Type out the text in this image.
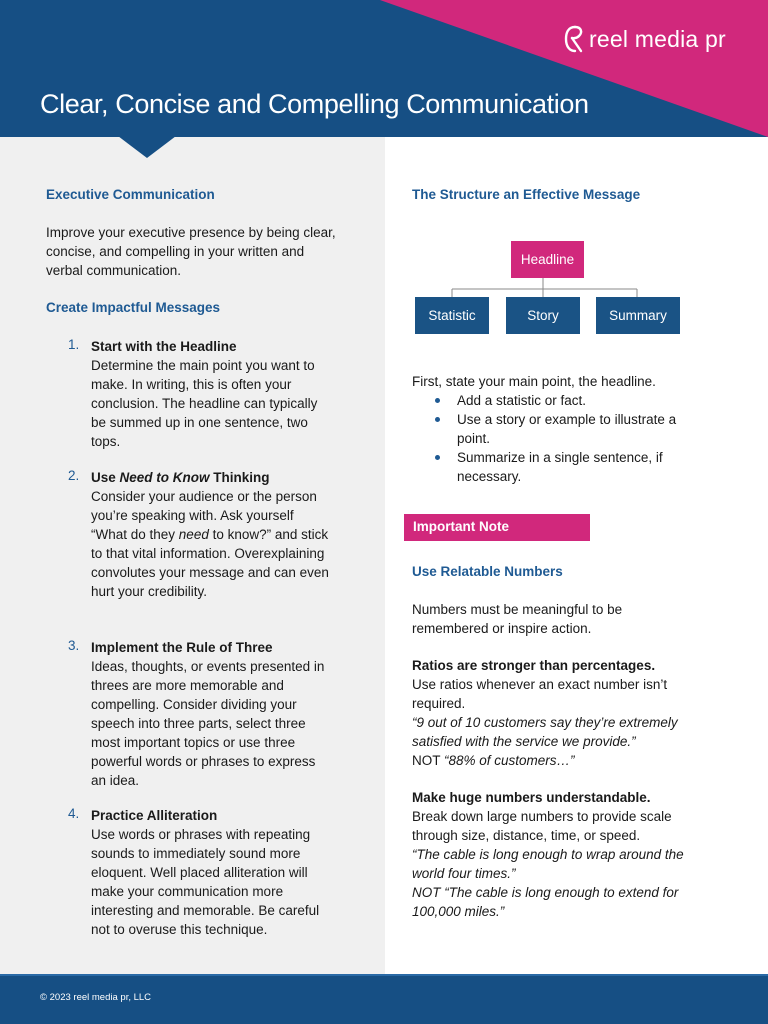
reel media pr
Clear, Concise and Compelling Communication
Executive Communication
Improve your executive presence by being clear, concise, and compelling in your written and verbal communication.
Create Impactful Messages
1. Start with the Headline
Determine the main point you want to make. In writing, this is often your conclusion. The headline can typically be summed up in one sentence, two tops.
2. Use Need to Know Thinking
Consider your audience or the person you’re speaking with. Ask yourself “What do they need to know?” and stick to that vital information. Overexplaining convolutes your message and can even hurt your credibility.
3. Implement the Rule of Three
Ideas, thoughts, or events presented in threes are more memorable and compelling. Consider dividing your speech into three parts, select three most important topics or use three powerful words or phrases to express an idea.
4. Practice Alliteration
Use words or phrases with repeating sounds to immediately sound more eloquent. Well placed alliteration will make your communication more interesting and memorable. Be careful not to overuse this technique.
The Structure an Effective Message
Headline
Statistic	Story	Summary
First, state your main point, the headline.
Add a statistic or fact.
Use a story or example to illustrate a point.
Summarize in a single sentence, if necessary.
Important Note
Use Relatable Numbers
Numbers must be meaningful to be remembered or inspire action.

Ratios are stronger than percentages.

Use ratios whenever an exact number isn’t required.

“9 out of 10 customers say they’re extremely satisfied with the service we provide.”

NOT “88% of customers…”

Make huge numbers understandable.

Break down large numbers to provide scale through size, distance, time, or speed.

“The cable is long enough to wrap around the world four times.”

NOT “The cable is long enough to extend for 100,000 miles.”

© 2023 reel media pr, LLC
